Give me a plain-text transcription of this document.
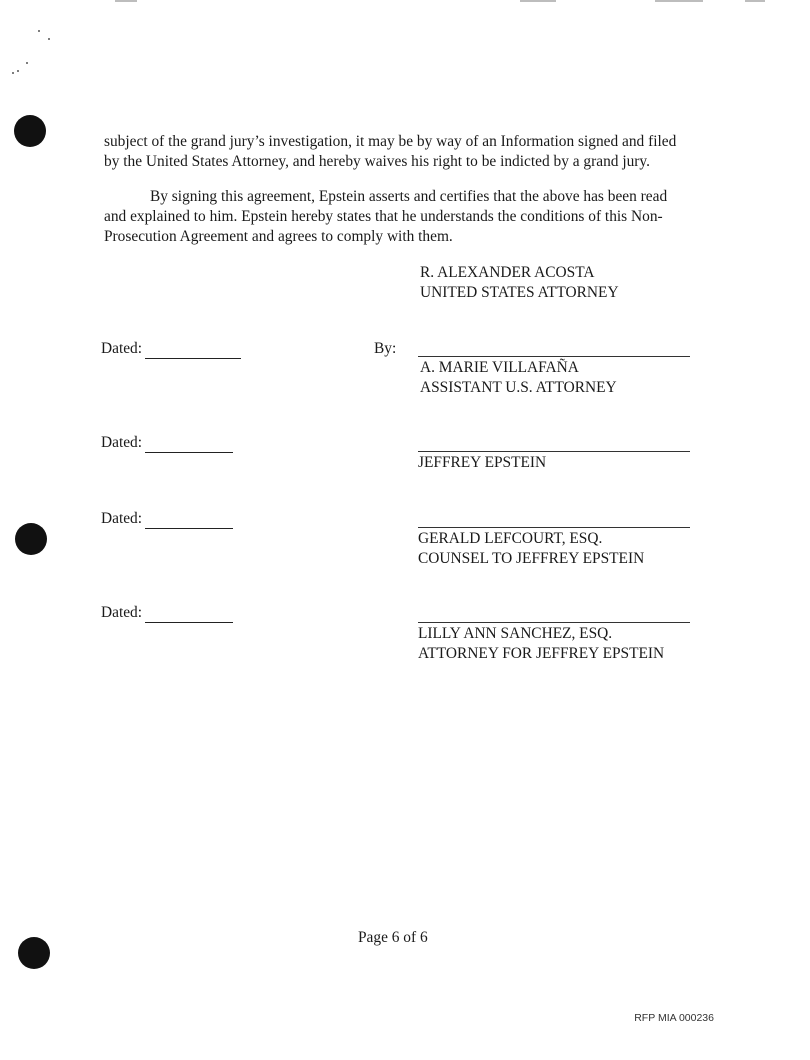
subject of the grand jury’s investigation, it may be by way of an Information signed and filed
by the United States Attorney, and hereby waives his right to be indicted by a grand jury.
By signing this agreement, Epstein asserts and certifies that the above has been read
and explained to him. Epstein hereby states that he understands the conditions of this Non-
Prosecution Agreement and agrees to comply with them.
R. ALEXANDER ACOSTA
UNITED STATES ATTORNEY
Dated:	By:
A. MARIE VILLAFAÑA
ASSISTANT U.S. ATTORNEY
Dated:
JEFFREY EPSTEIN
Dated:
GERALD LEFCOURT, ESQ.
COUNSEL TO JEFFREY EPSTEIN
Dated:
LILLY ANN SANCHEZ, ESQ.
ATTORNEY FOR JEFFREY EPSTEIN
Page 6 of 6
RFP MIA 000236
